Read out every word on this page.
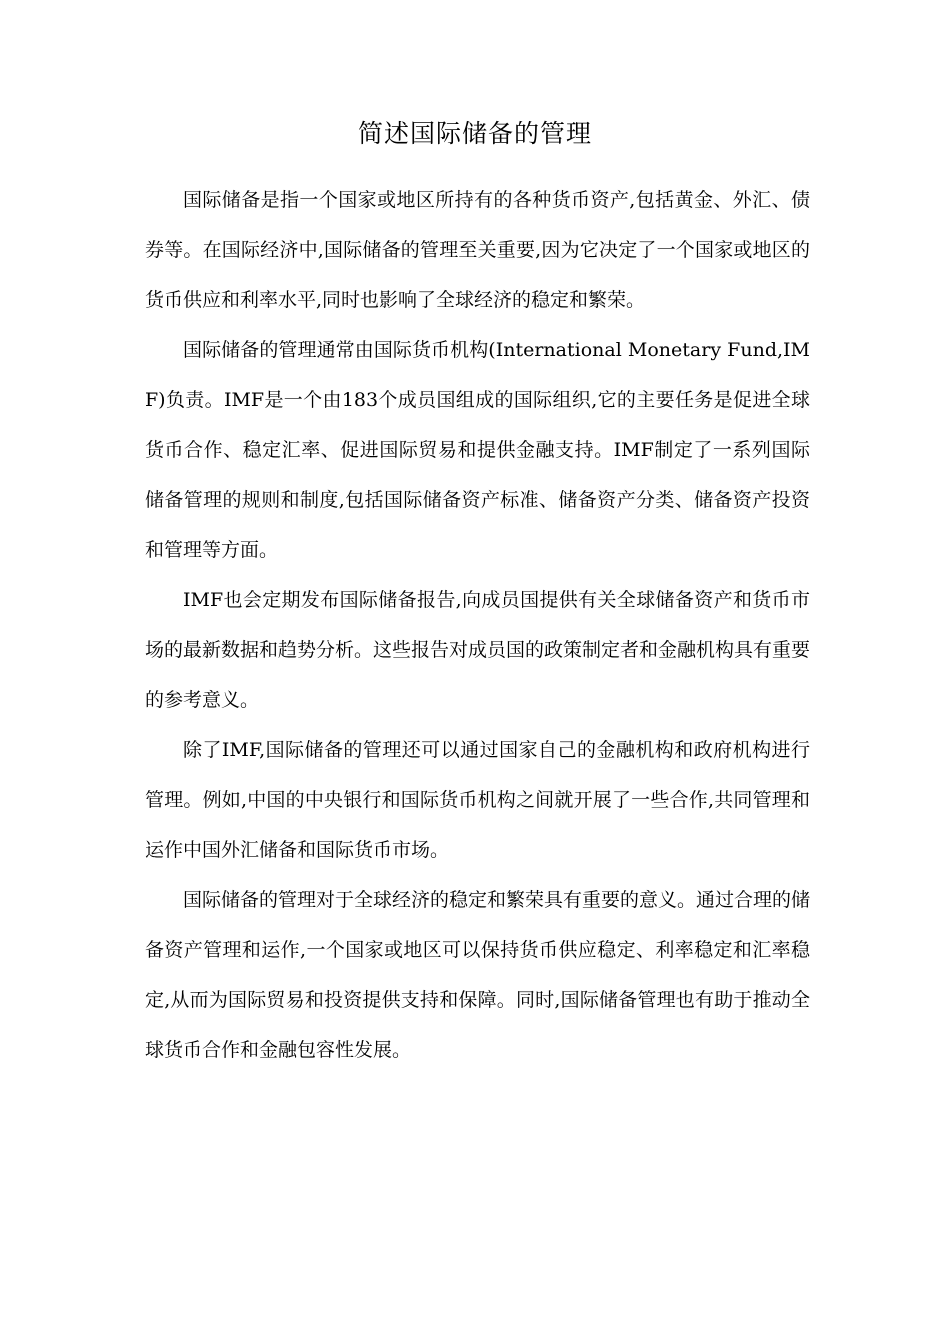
简述国际储备的管理

国际储备是指一个国家或地区所持有的各种货币资产,包括黄金、外汇、债券等。在国际经济中,国际储备的管理至关重要,因为它决定了一个国家或地区的货币供应和利率水平,同时也影响了全球经济的稳定和繁荣。

国际储备的管理通常由国际货币机构(International Monetary Fund,IMF)负责。IMF是一个由183个成员国组成的国际组织,它的主要任务是促进全球货币合作、稳定汇率、促进国际贸易和提供金融支持。IMF制定了一系列国际储备管理的规则和制度,包括国际储备资产标准、储备资产分类、储备资产投资和管理等方面。

IMF也会定期发布国际储备报告,向成员国提供有关全球储备资产和货币市场的最新数据和趋势分析。这些报告对成员国的政策制定者和金融机构具有重要的参考意义。

除了IMF,国际储备的管理还可以通过国家自己的金融机构和政府机构进行管理。例如,中国的中央银行和国际货币机构之间就开展了一些合作,共同管理和运作中国外汇储备和国际货币市场。

国际储备的管理对于全球经济的稳定和繁荣具有重要的意义。通过合理的储备资产管理和运作,一个国家或地区可以保持货币供应稳定、利率稳定和汇率稳定,从而为国际贸易和投资提供支持和保障。同时,国际储备管理也有助于推动全球货币合作和金融包容性发展。
